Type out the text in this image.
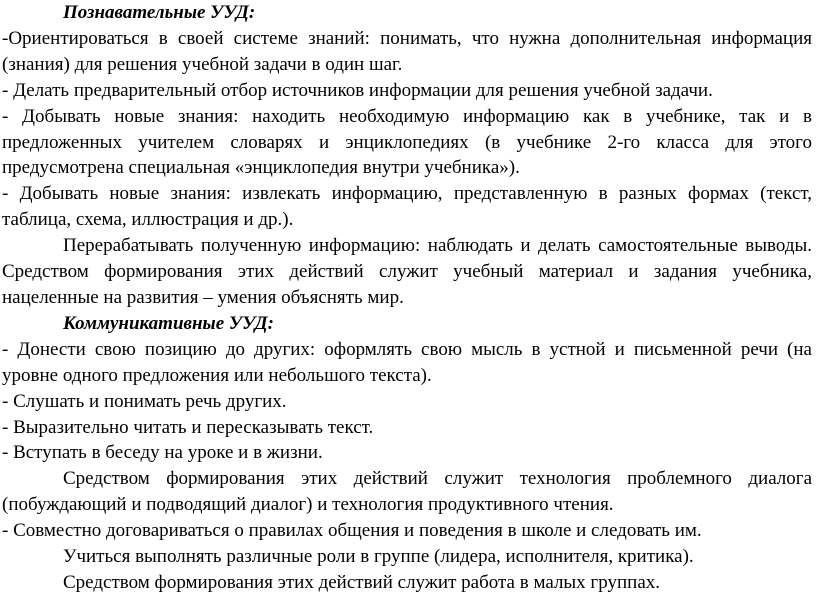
Познавательные УУД:

-Ориентироваться в своей системе знаний: понимать, что нужна дополнительная информация (знания) для решения учебной задачи в один шаг.

- Делать предварительный отбор источников информации для решения учебной задачи.

- Добывать новые знания: находить необходимую информацию как в учебнике, так и в предложенных учителем словарях и энциклопедиях (в учебнике 2-го класса для этого предусмотрена специальная «энциклопедия внутри учебника»).

- Добывать новые знания: извлекать информацию, представленную в разных формах (текст, таблица, схема, иллюстрация и др.).

Перерабатывать полученную информацию: наблюдать и делать самостоятельные выводы. Средством формирования этих действий служит учебный материал и задания учебника, нацеленные на развития – умения объяснять мир.

Коммуникативные УУД:

- Донести свою позицию до других: оформлять свою мысль в устной и письменной речи (на уровне одного предложения или небольшого текста).

- Слушать и понимать речь других.

- Выразительно читать и пересказывать текст.

- Вступать в беседу на уроке и в жизни.

Средством формирования этих действий служит технология проблемного диалога (побуждающий и подводящий диалог) и технология продуктивного чтения.

- Совместно договариваться о правилах общения и поведения в школе и следовать им.

Учиться выполнять различные роли в группе (лидера, исполнителя, критика).

Средством формирования этих действий служит работа в малых группах.
